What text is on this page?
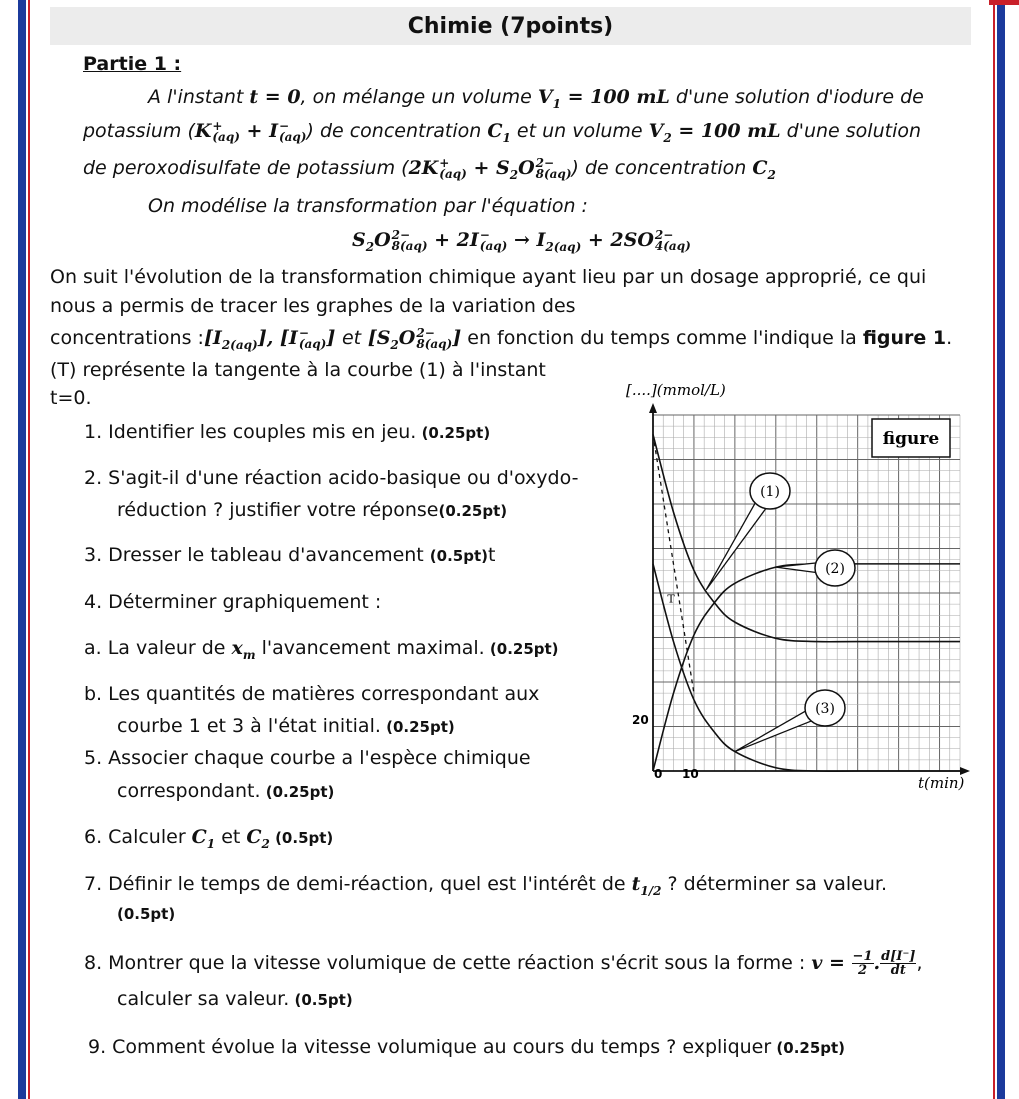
Chimie (7points)
Partie 1 :
A l'instant t = 0, on mélange un volume $V_1 = 100$ mL d'une solution d'iodure de
potassium (K +
(aq) + I −
(aq) ) de concentration $C_1$ et un volume $V_2 = 100$ mL d'une solution
de peroxodisulfate de potassium (2K +
$(aq) + S_2O$ 2−
8(aq) ) de concentration $C_2$
On modélise la transformation par l'équation :
$S_2O$ 2−
8(aq) + 2I −
$(aq) \to I_{2(aq)} + 2SO$ 2−
4(aq)
On suit l'évolution de la transformation chimique ayant lieu par un dosage approprié, ce qui
nous a permis de tracer les graphes de la variation des
concentrations $:[I_{2(aq)}]$, [I −
(aq) ] et [$S_2O$ 2−
8(aq) ] en fonction du temps comme l'indique la figure 1.
(T) représente la tangente à la courbe (1) à l'instant
t=0.
1. Identifier les couples mis en jeu. (0.25pt)
2. S'agit-il d'une réaction acido-basique ou d'oxydo-
réduction ? justifier votre réponse(0.25pt)
3. Dresser le tableau d'avancement (0.5pt)t
4. Déterminer graphiquement :
a. La valeur de $x_m$ l'avancement maximal. (0.25pt)
b. Les quantités de matières correspondant aux
courbe 1 et 3 à l'état initial. (0.25pt)
5. Associer chaque courbe a l'espèce chimique
correspondant. (0.25pt)
6. Calculer $C_1$ et $C_2$ (0.5pt)
7. Définir le temps de demi-réaction, quel est l'intérêt de $t_{1/2}$ ? déterminer sa valeur.
(0.5pt)
8. Montrer que la vitesse volumique de cette réaction s'écrit sous la forme : $v = \frac{-1}{2}$ . $\frac{d[I^-]}{dt}$ ,
calculer sa valeur. (0.5pt)
9. Comment évolue la vitesse volumique au cours du temps ? expliquer (0.25pt)
T
(1)
(2)
(3)
[....](mmol/L)
figure
0 10
20
t(min)
